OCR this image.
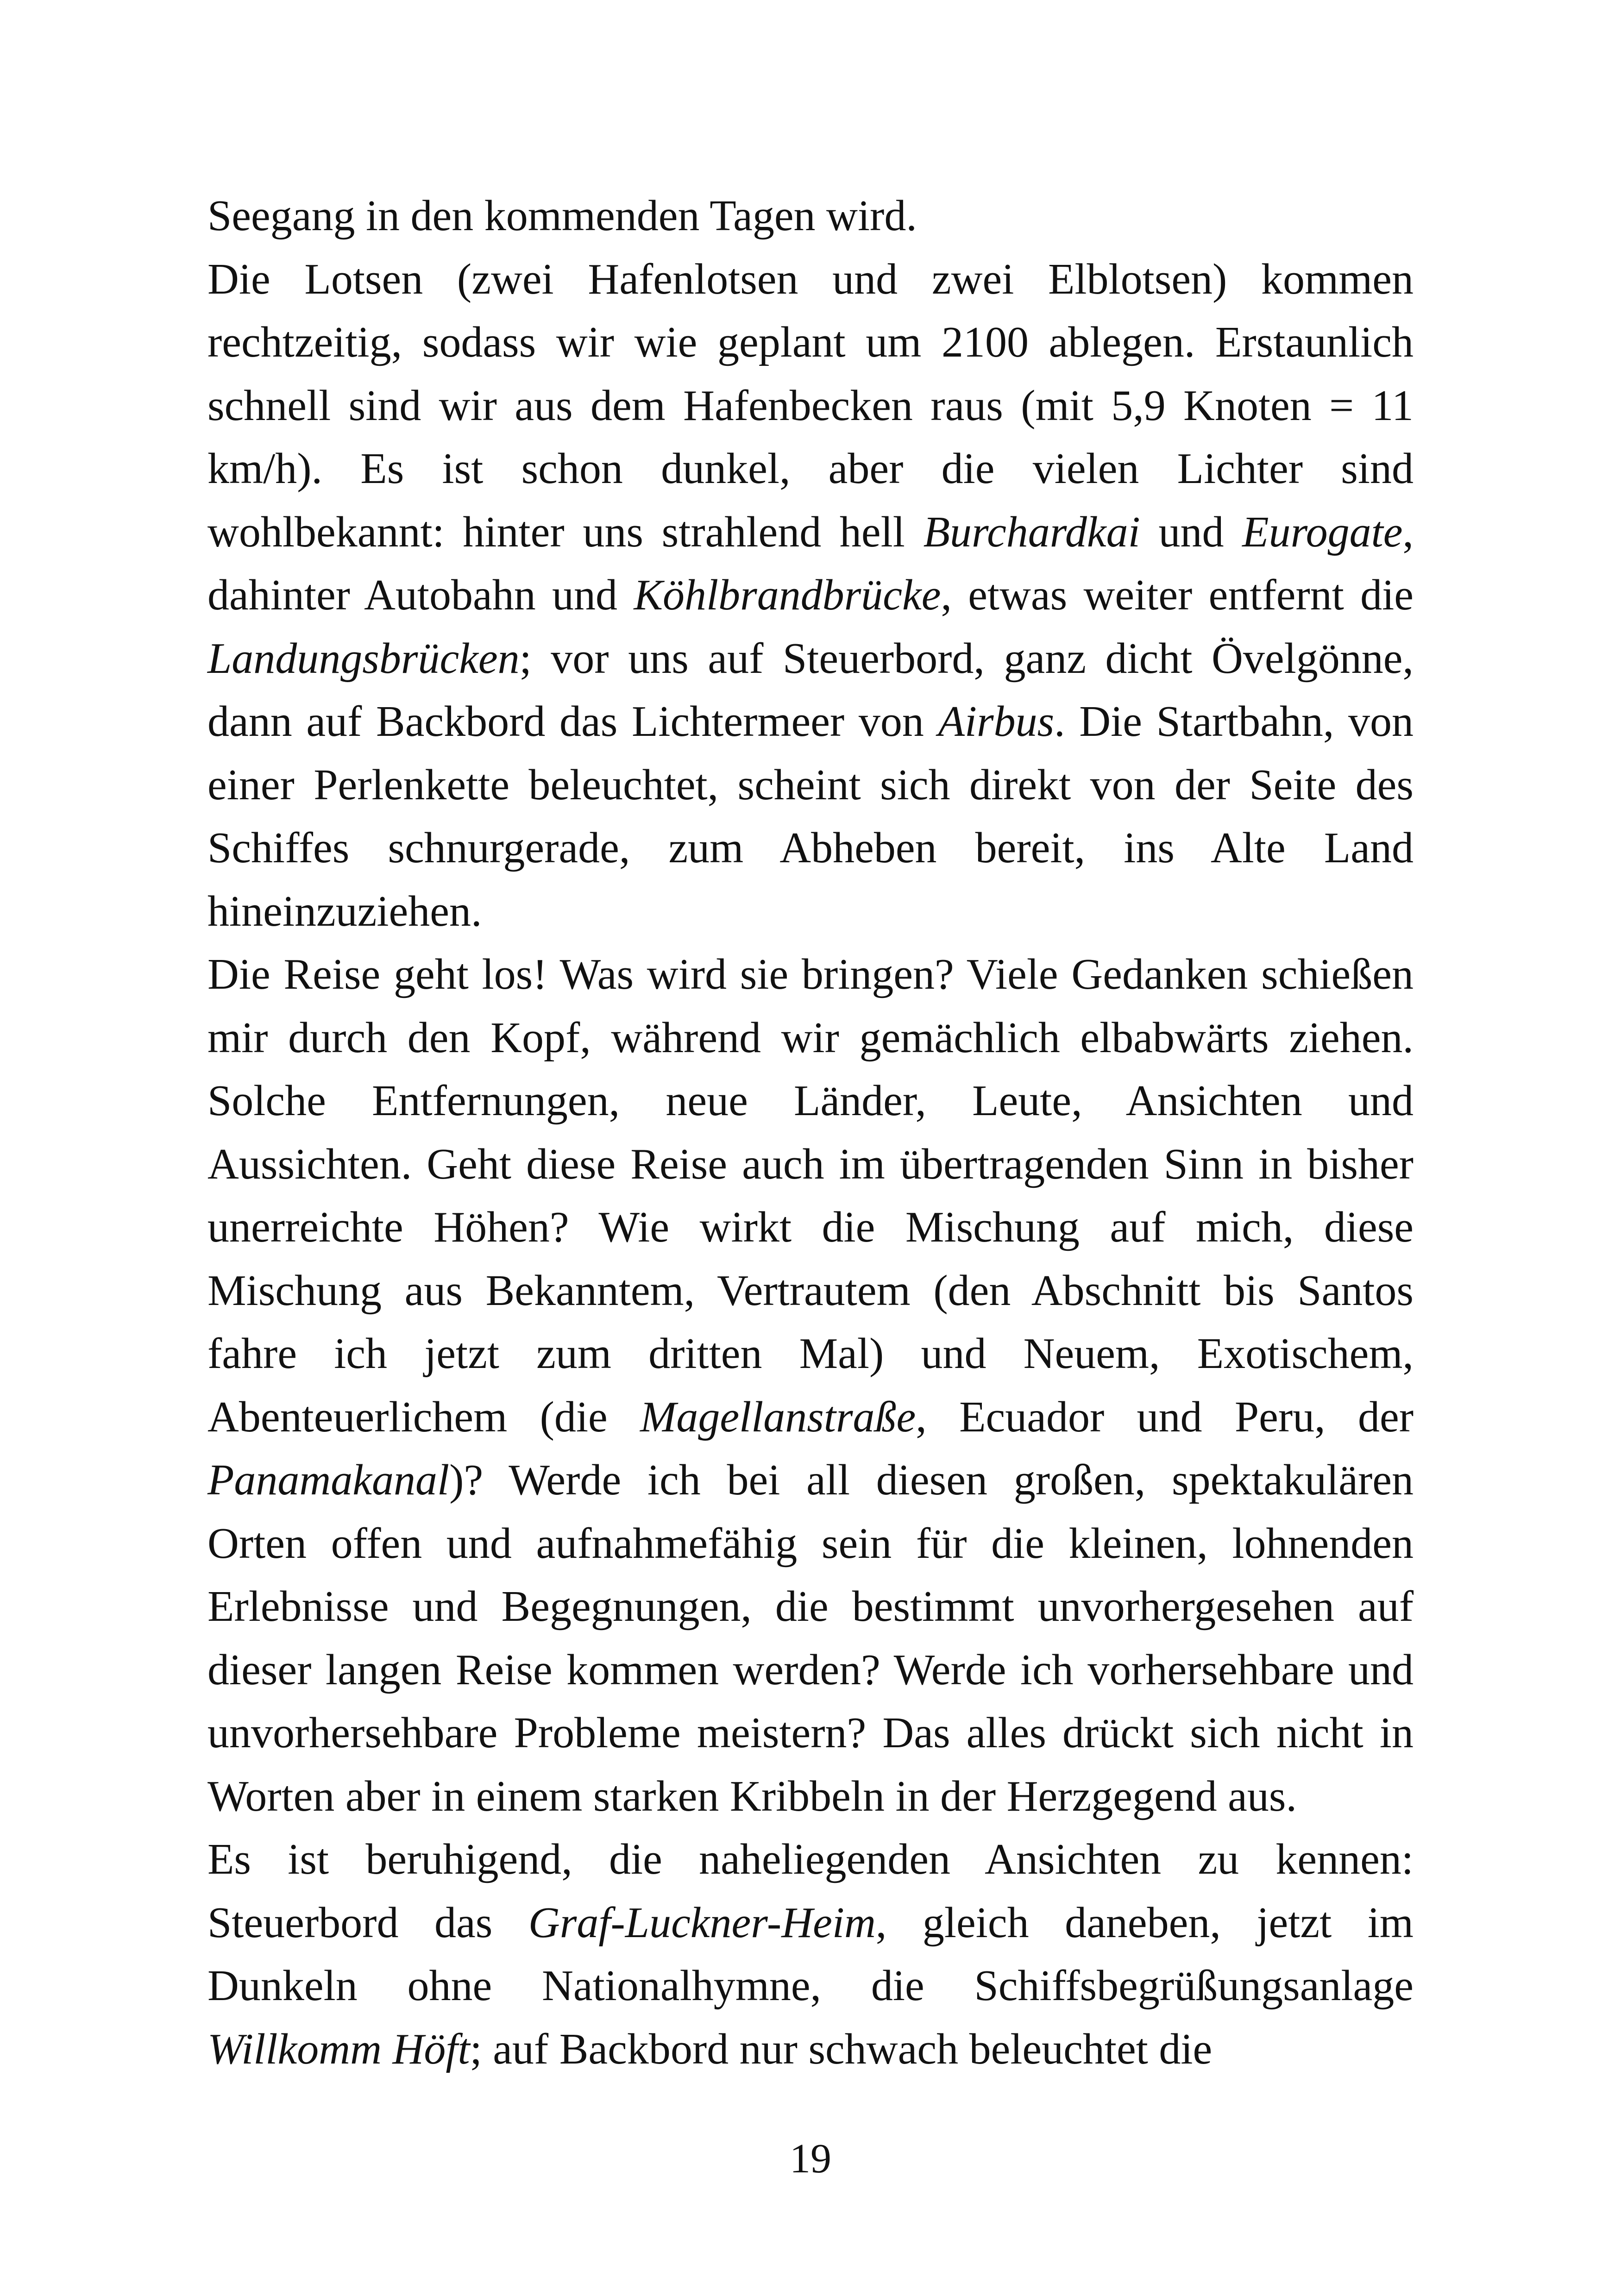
Seegang in den kommenden Tagen wird.

Die Lotsen (zwei Hafenlotsen und zwei Elblotsen) kommen rechtzeitig, sodass wir wie geplant um 2100 ablegen. Erstaunlich schnell sind wir aus dem Hafenbecken raus (mit 5,9 Knoten = 11 km/h). Es ist schon dunkel, aber die vielen Lichter sind wohlbekannt: hinter uns strahlend hell Burchardkai und Eurogate, dahinter Autobahn und Köhlbrandbrücke, etwas weiter entfernt die Landungsbrücken; vor uns auf Steuerbord, ganz dicht Övelgönne, dann auf Backbord das Lichtermeer von Airbus. Die Startbahn, von einer Perlenkette beleuchtet, scheint sich direkt von der Seite des Schiffes schnurgerade, zum Abheben bereit, ins Alte Land hineinzuziehen.

Die Reise geht los! Was wird sie bringen? Viele Gedanken schießen mir durch den Kopf, während wir gemächlich elbabwärts ziehen. Solche Entfernungen, neue Länder, Leute, Ansichten und Aussichten. Geht diese Reise auch im übertragenden Sinn in bisher unerreichte Höhen? Wie wirkt die Mischung auf mich, diese Mischung aus Bekanntem, Vertrautem (den Abschnitt bis Santos fahre ich jetzt zum dritten Mal) und Neuem, Exotischem, Abenteuerlichem (die Magellanstraße, Ecuador und Peru, der Panamakanal)? Werde ich bei all diesen großen, spektakulären Orten offen und aufnahmefähig sein für die kleinen, lohnenden Erlebnisse und Begegnungen, die bestimmt unvorhergesehen auf dieser langen Reise kommen werden? Werde ich vorhersehbare und unvorhersehbare Probleme meistern? Das alles drückt sich nicht in Worten aber in einem starken Kribbeln in der Herzgegend aus.

Es ist beruhigend, die naheliegenden Ansichten zu kennen: Steuerbord das Graf-Luckner-Heim, gleich daneben, jetzt im Dunkeln ohne Nationalhymne, die Schiffsbegrüßungsanlage Willkomm Höft; auf Backbord nur schwach beleuchtet die

19
